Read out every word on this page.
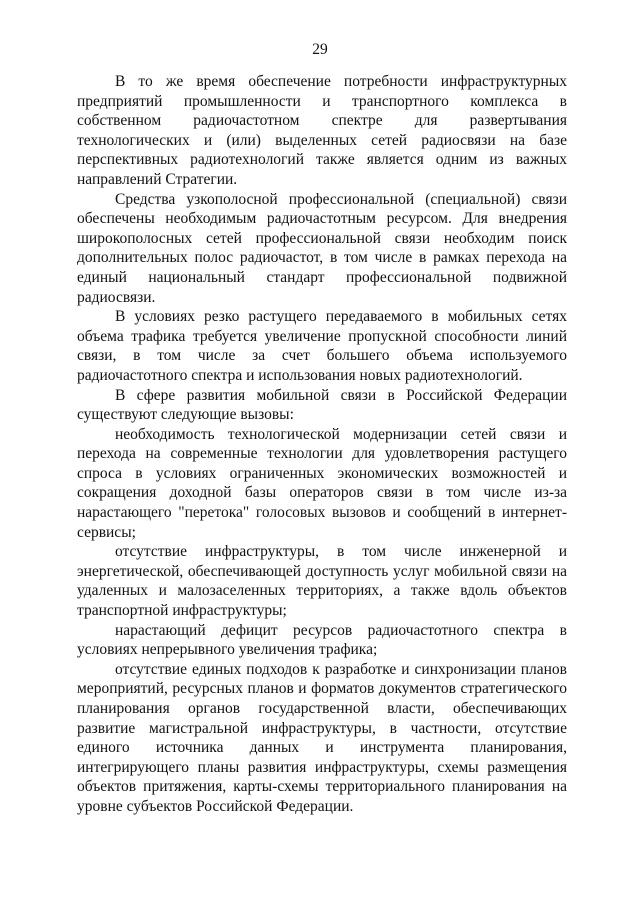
29

В то же время обеспечение потребности инфраструктурных предприятий промышленности и транспортного комплекса в собственном радиочастотном спектре для развертывания технологических и (или) выделенных сетей радиосвязи на базе перспективных радиотехнологий также является одним из важных направлений Стратегии.

Средства узкополосной профессиональной (специальной) связи обеспечены необходимым радиочастотным ресурсом. Для внедрения широкополосных сетей профессиональной связи необходим поиск дополнительных полос радиочастот, в том числе в рамках перехода на единый национальный стандарт профессиональной подвижной радиосвязи.

В условиях резко растущего передаваемого в мобильных сетях объема трафика требуется увеличение пропускной способности линий связи, в том числе за счет большего объема используемого радиочастотного спектра и использования новых радиотехнологий.

В сфере развития мобильной связи в Российской Федерации существуют следующие вызовы:

необходимость технологической модернизации сетей связи и перехода на современные технологии для удовлетворения растущего спроса в условиях ограниченных экономических возможностей и сокращения доходной базы операторов связи в том числе из-за нарастающего "перетока" голосовых вызовов и сообщений в интернет-сервисы;

отсутствие инфраструктуры, в том числе инженерной и энергетической, обеспечивающей доступность услуг мобильной связи на удаленных и малозаселенных территориях, а также вдоль объектов транспортной инфраструктуры;

нарастающий дефицит ресурсов радиочастотного спектра в условиях непрерывного увеличения трафика;

отсутствие единых подходов к разработке и синхронизации планов мероприятий, ресурсных планов и форматов документов стратегического планирования органов государственной власти, обеспечивающих развитие магистральной инфраструктуры, в частности, отсутствие единого источника данных и инструмента планирования, интегрирующего планы развития инфраструктуры, схемы размещения объектов притяжения, карты-схемы территориального планирования на уровне субъектов Российской Федерации.
